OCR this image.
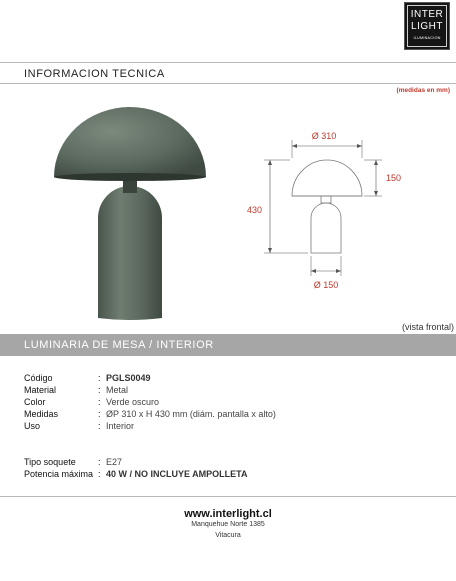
INTER
LIGHT
ILUMINACION
INFORMACION TECNICA
(medidas en mm)
Ø 310
150
430
Ø 150
(vista frontal)
LUMINARIA DE MESA / INTERIOR
Código	: PGLS0049
Material	: Metal
Color	: Verde oscuro
Medidas	: ØP 310 x H 430 mm (diám. pantalla x alto)
Uso	: Interior
Tipo soquete : E27
Potencia máxima : 40 W / NO INCLUYE AMPOLLETA
www.interlight.cl
Manquehue Norte 1385
Vitacura
